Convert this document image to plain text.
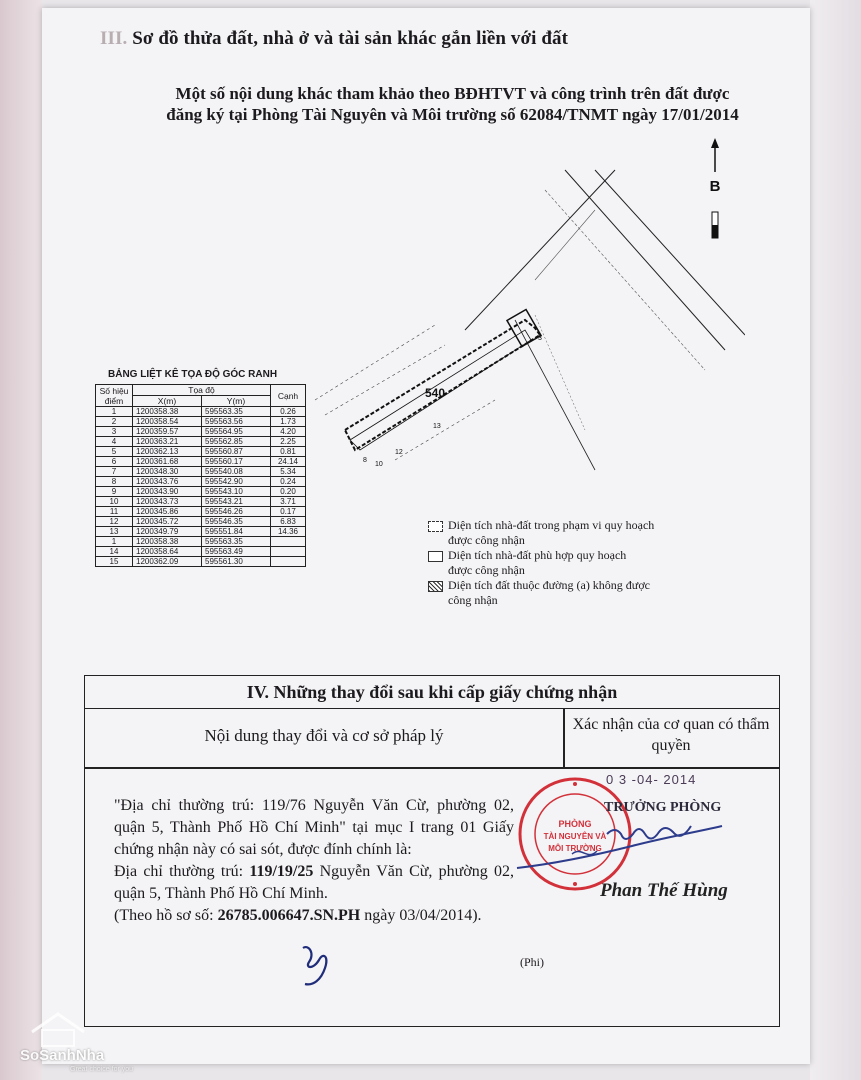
III. Sơ đồ thửa đất, nhà ở và tài sản khác gắn liền với đất
Một số nội dung khác tham khảo theo BĐHTVT và công trình trên đất được
đăng ký tại Phòng Tài Nguyên và Môi trường số 62084/TNMT ngày 17/01/2014
B
540
8
10
12
13
3
BẢNG LIỆT KÊ TỌA ĐỘ GÓC RANH
Số hiệu điểm	Tọa độ		Cạnh
	X(m)	Y(m)	
1	1200358.38	595563.35	0.26
2	1200358.54	595563.56	1.73
3	1200359.57	595564.95	4.20
4	1200363.21	595562.85	2.25
5	1200362.13	595560.87	0.81
6	1200361.68	595560.17	24.14
7	1200348.30	595540.08	5.34
8	1200343.76	595542.90	0.24
9	1200343.90	595543.10	0.20
10	1200343.73	595543.21	3.71
11	1200345.86	595546.26	0.17
12	1200345.72	595546.35	6.83
13	1200349.79	595551.84	14.36
1	1200358.38	595563.35	
14	1200358.64	595563.49	
15	1200362.09	595561.30	
Diện tích nhà-đất trong phạm vi quy hoạch được công nhận
Diện tích nhà-đất phù hợp quy hoạch được công nhận
Diện tích đất thuộc đường (a) không được công nhận
IV. Những thay đổi sau khi cấp giấy chứng nhận
Nội dung thay đổi và cơ sở pháp lý
Xác nhận của cơ quan có thẩm quyền
"Địa chỉ thường trú: 119/76 Nguyễn Văn Cừ, phường 02, quận 5, Thành Phố Hồ Chí Minh" tại mục I trang 01 Giấy chứng nhận này có sai sót, được đính chính là:
Địa chỉ thường trú: 119/19/25 Nguyễn Văn Cừ, phường 02, quận 5, Thành Phố Hồ Chí Minh.
(Theo hồ sơ số: 26785.006647.SN.PH ngày 03/04/2014).
0 3 -04- 2014
PHÒNG
TÀI NGUYÊN VÀ
MÔI TRƯỜNG
TRƯỞNG PHÒNG
Phan Thế Hùng
(Phi)
SoSanhNha
Great choice for you
